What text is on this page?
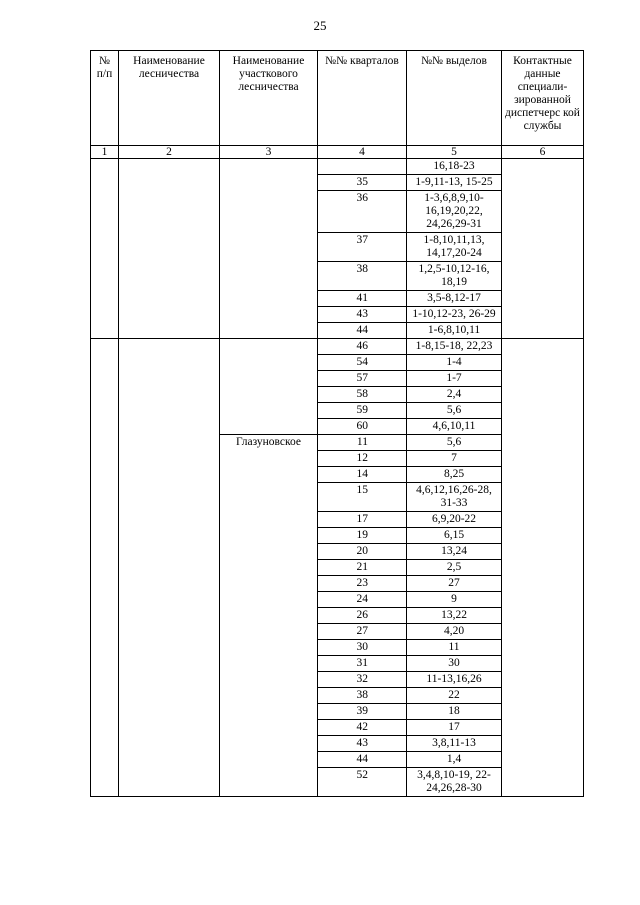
25
№ п/п	Наименование лесничества	Наименование участкового лесничества	№№ кварталов	№№ выделов	Контактные данные специали-зированной диспетчерс кой службы
1	2	3	4	5	6
				16,18-23	
			35	1-9,11-13, 15-25	
			36	1-3,6,8,9,10-16,19,20,22, 24,26,29-31	
			37	1-8,10,11,13, 14,17,20-24	
			38	1,2,5-10,12-16, 18,19	
			41	3,5-8,12-17	
			43	1-10,12-23, 26-29	
			44	1-6,8,10,11	
			46	1-8,15-18, 22,23	
			54	1-4	
			57	1-7	
			58	2,4	
			59	5,6	
			60	4,6,10,11	
		Глазуновское	11	5,6	
			12	7	
			14	8,25	
			15	4,6,12,16,26-28, 31-33	
			17	6,9,20-22	
			19	6,15	
			20	13,24	
			21	2,5	
			23	27	
			24	9	
			26	13,22	
			27	4,20	
			30	11	
			31	30	
			32	11-13,16,26	
			38	22	
			39	18	
			42	17	
			43	3,8,11-13	
			44	1,4	
			52	3,4,8,10-19, 22-24,26,28-30	
